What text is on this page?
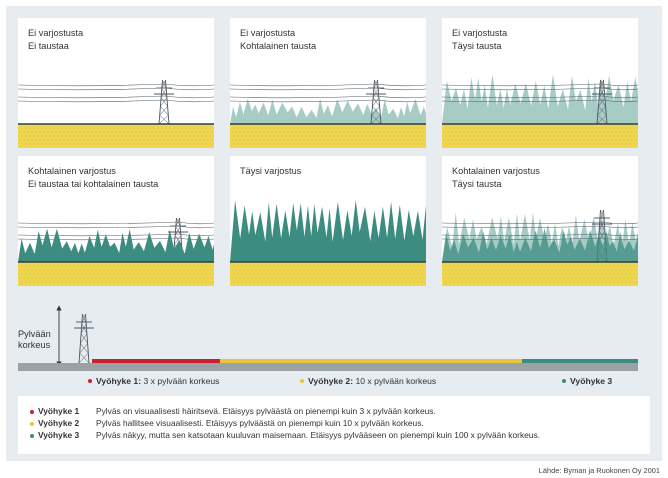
Ei varjostusta
Ei taustaa
Ei varjostusta
Kohtalainen tausta
Ei varjostusta
Täysi tausta
Kohtalainen varjostus
Ei taustaa tai kohtalainen tausta
Täysi varjostus	Kohtalainen varjostus
Täysi tausta
Pylvään
korkeus
Vyöhyke 1: 3 x pylvään korkeus	Vyöhyke 2: 10 x pylvään korkeus	Vyöhyke 3
Vyöhyke 1 Pylväs on visuaalisesti häiritsevä. Etäisyys pylväästä on pienempi kuin 3 x pylvään korkeus.
Vyöhyke 2 Pylväs hallitsee visuaalisesti. Etäisyys pylväästä on pienempi kuin 10 x pylvään korkeus.
Vyöhyke 3 Pylväs näkyy, mutta sen katsotaan kuuluvan maisemaan. Etäisyys pylvääseen on pienempi kuin 100 x pylvään korkeus.
Lähde: Byman ja Ruokonen Oy 2001
